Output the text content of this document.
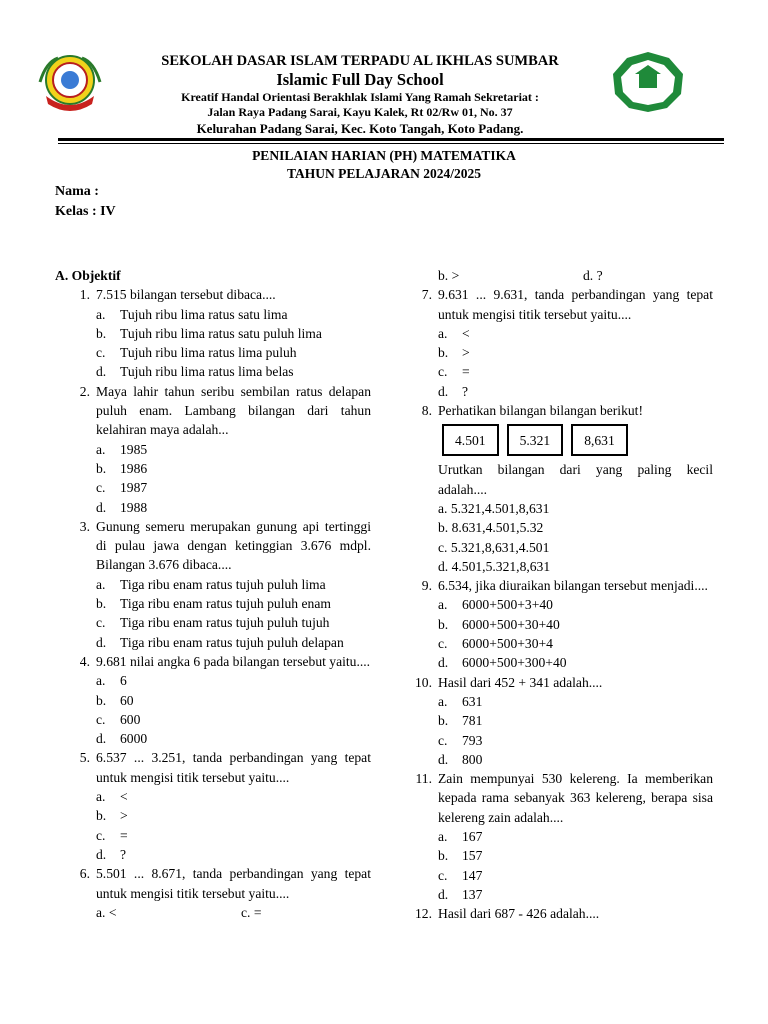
SEKOLAH DASAR ISLAM TERPADU AL IKHLAS SUMBAR
Islamic Full Day School
Kreatif Handal Orientasi Berakhlak Islami Yang Ramah Sekretariat :
Jalan Raya Padang Sarai, Kayu Kalek, Rt 02/Rw 01, No. 37
Kelurahan Padang Sarai, Kec. Koto Tangah, Koto Padang.
PENILAIAN HARIAN (PH) MATEMATIKA
TAHUN PELAJARAN 2024/2025
Nama :
Kelas : IV
A. Objektif
1. 7.515 bilangan tersebut dibaca....
a.	Tujuh ribu lima ratus satu lima
b.	Tujuh ribu lima ratus satu puluh lima
c.	Tujuh ribu lima ratus lima puluh
d.	Tujuh ribu lima ratus lima belas
2. Maya lahir tahun seribu sembilan ratus delapan puluh enam. Lambang bilangan dari tahun kelahiran maya adalah...
a.	1985
b.	1986
c.	1987
d.	1988
3. Gunung semeru merupakan gunung api tertinggi di pulau jawa dengan ketinggian 3.676 mdpl. Bilangan 3.676 dibaca....
a.	Tiga ribu enam ratus tujuh puluh lima
b.	Tiga ribu enam ratus tujuh puluh enam
c.	Tiga ribu enam ratus tujuh puluh tujuh
d.	Tiga ribu enam ratus tujuh puluh delapan
4. 9.681 nilai angka 6 pada bilangan tersebut yaitu....
a.	6
b.	60
c.	600
d.	6000
5. 6.537 ... 3.251, tanda perbandingan yang tepat untuk mengisi titik tersebut yaitu....
a.	<
b.	>
c.	=
d.	?
6. 5.501 ... 8.671, tanda perbandingan yang tepat untuk mengisi titik tersebut yaitu....
a. <	c. =
b. >	d. ?
7. 9.631 ... 9.631, tanda perbandingan yang tepat untuk mengisi titik tersebut yaitu....
a.	<
b.	>
c.	=
d.	?
8. Perhatikan bilangan bilangan berikut!
4.501	5.321	8,631
Urutkan bilangan dari yang paling kecil
adalah....
a. 5.321,4.501,8,631
b. 8.631,4.501,5.32
c. 5.321,8,631,4.501
d. 4.501,5.321,8,631
9. 6.534, jika diuraikan bilangan tersebut menjadi....
a.	6000+500+3+40
b.	6000+500+30+40
c.	6000+500+30+4
d.	6000+500+300+40
10. Hasil dari 452 + 341 adalah....
a.	631
b.	781
c.	793
d.	800
11. Zain mempunyai 530 kelereng. Ia memberikan kepada rama sebanyak 363 kelereng, berapa sisa kelereng zain adalah....
a.	167
b.	157
c.	147
d.	137
12. Hasil dari 687 - 426 adalah....
